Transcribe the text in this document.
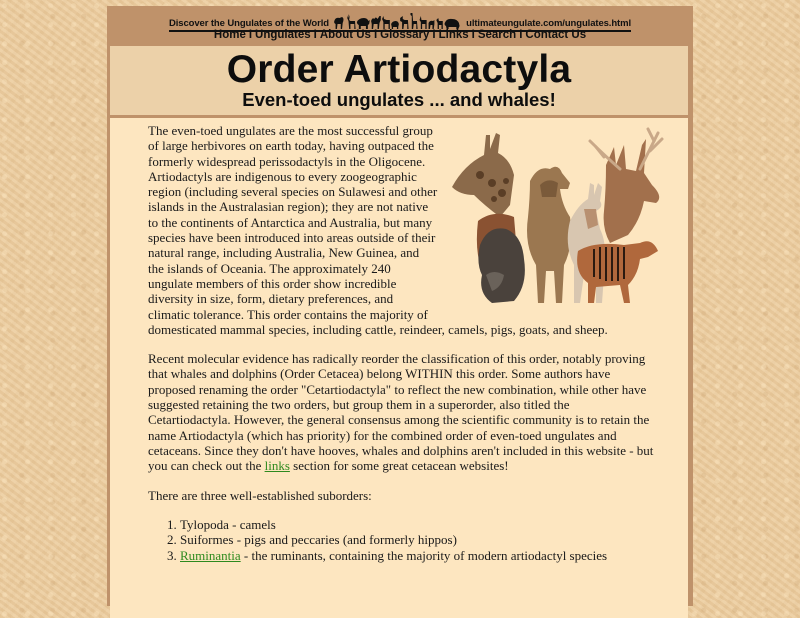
Discover the Ungulates of the World	ultimateungulate.com/ungulates.html
Home I Ungulates I About Us I Glossary I Links I Search I Contact Us
Order Artiodactyla
Even-toed ungulates ... and whales!

The even-toed ungulates are the most successful group of large herbivores on earth today, having outpaced the formerly widespread perissodactyls in the Oligocene. Artiodactyls are indigenous to every zoogeographic region (including several species on Sulawesi and other islands in the Australasian region); they are not native to the continents of Antarctica and Australia, but many species have been introduced into areas outside of their natural range, including Australia, New Guinea, and the islands of Oceania. The approximately 240 ungulate members of this order show incredible diversity in size, form, dietary preferences, and climatic tolerance. This order contains the majority of domesticated mammal species, including cattle, reindeer, camels, pigs, goats, and sheep.

Recent molecular evidence has radically reorder the classification of this order, notably proving that whales and dolphins (Order Cetacea) belong WITHIN this order. Some authors have proposed renaming the order "Cetartiodactyla" to reflect the new combination, while other have suggested retaining the two orders, but group them in a superorder, also titled the Cetartiodactyla. However, the general consensus among the scientific community is to retain the name Artiodactyla (which has priority) for the combined order of even-toed ungulates and cetaceans. Since they don't have hooves, whales and dolphins aren't included in this website - but you can check out the links section for some great cetacean websites!

There are three well-established suborders:

1. Tylopoda - camels
2. Suiformes - pigs and peccaries (and formerly hippos)
3. Ruminantia - the ruminants, containing the majority of modern artiodactyl species
